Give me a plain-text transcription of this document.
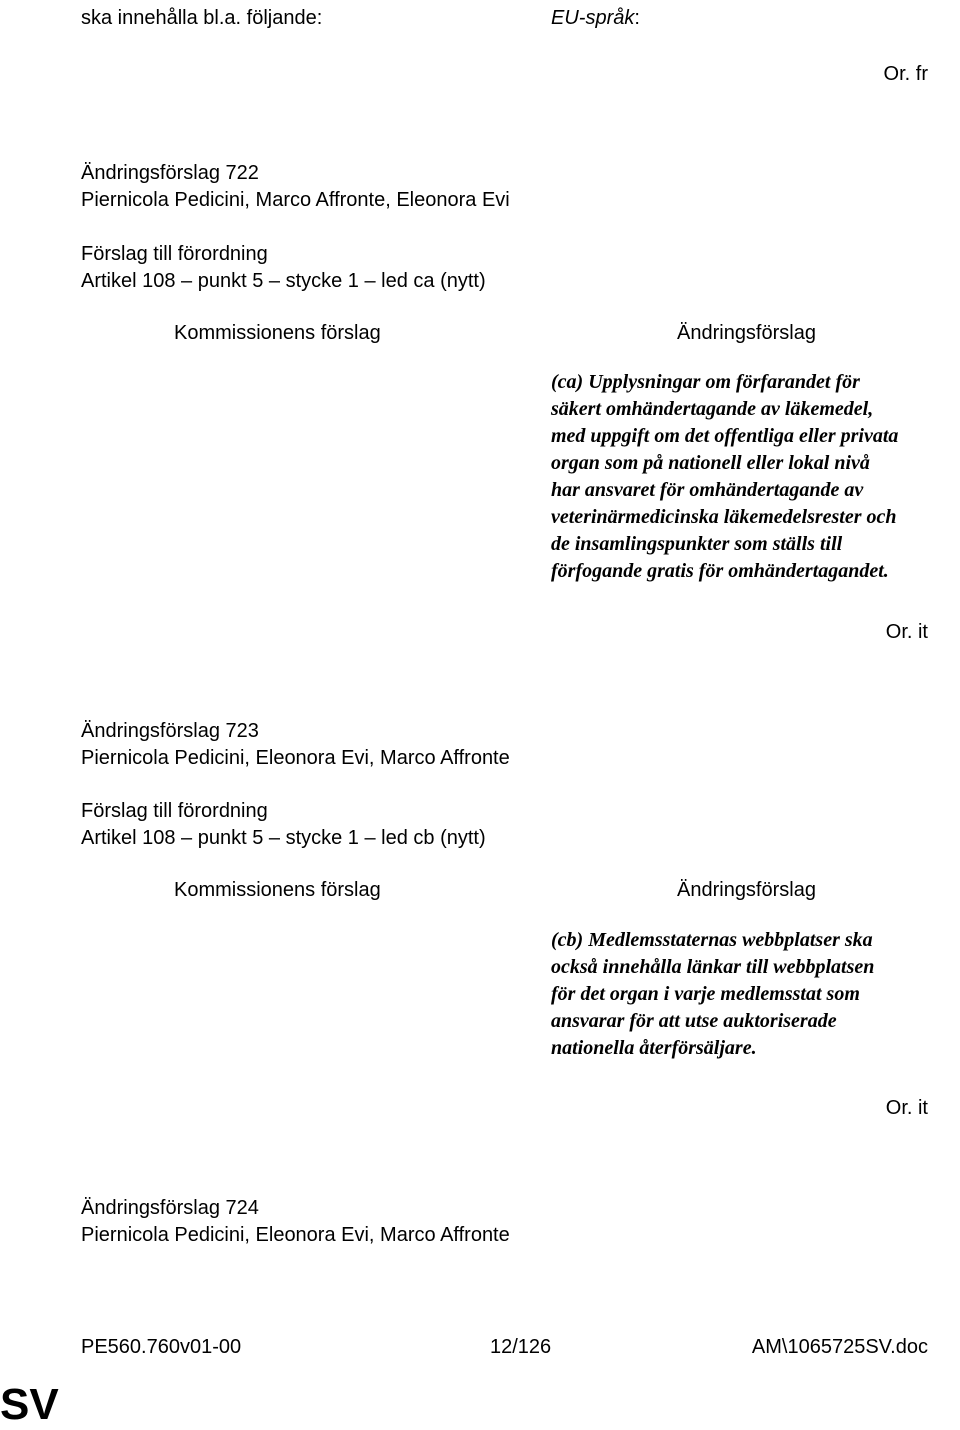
ska innehålla bl.a. följande:	EU-språk:
Or. fr
Ändringsförslag 722
Piernicola Pedicini, Marco Affronte, Eleonora Evi
Förslag till förordning
Artikel 108 – punkt 5 – stycke 1 – led ca (nytt)
Kommissionens förslag	Ändringsförslag
(ca) Upplysningar om förfarandet för
säkert omhändertagande av läkemedel,
med uppgift om det offentliga eller privata
organ som på nationell eller lokal nivå
har ansvaret för omhändertagande av
veterinärmedicinska läkemedelsrester och
de insamlingspunkter som ställs till
förfogande gratis för omhändertagandet.
Or. it
Ändringsförslag 723
Piernicola Pedicini, Eleonora Evi, Marco Affronte
Förslag till förordning
Artikel 108 – punkt 5 – stycke 1 – led cb (nytt)
Kommissionens förslag	Ändringsförslag
(cb) Medlemsstaternas webbplatser ska
också innehålla länkar till webbplatsen
för det organ i varje medlemsstat som
ansvarar för att utse auktoriserade
nationella återförsäljare.
Or. it
Ändringsförslag 724
Piernicola Pedicini, Eleonora Evi, Marco Affronte
PE560.760v01-00	12/126	AM\1065725SV.doc
SV
